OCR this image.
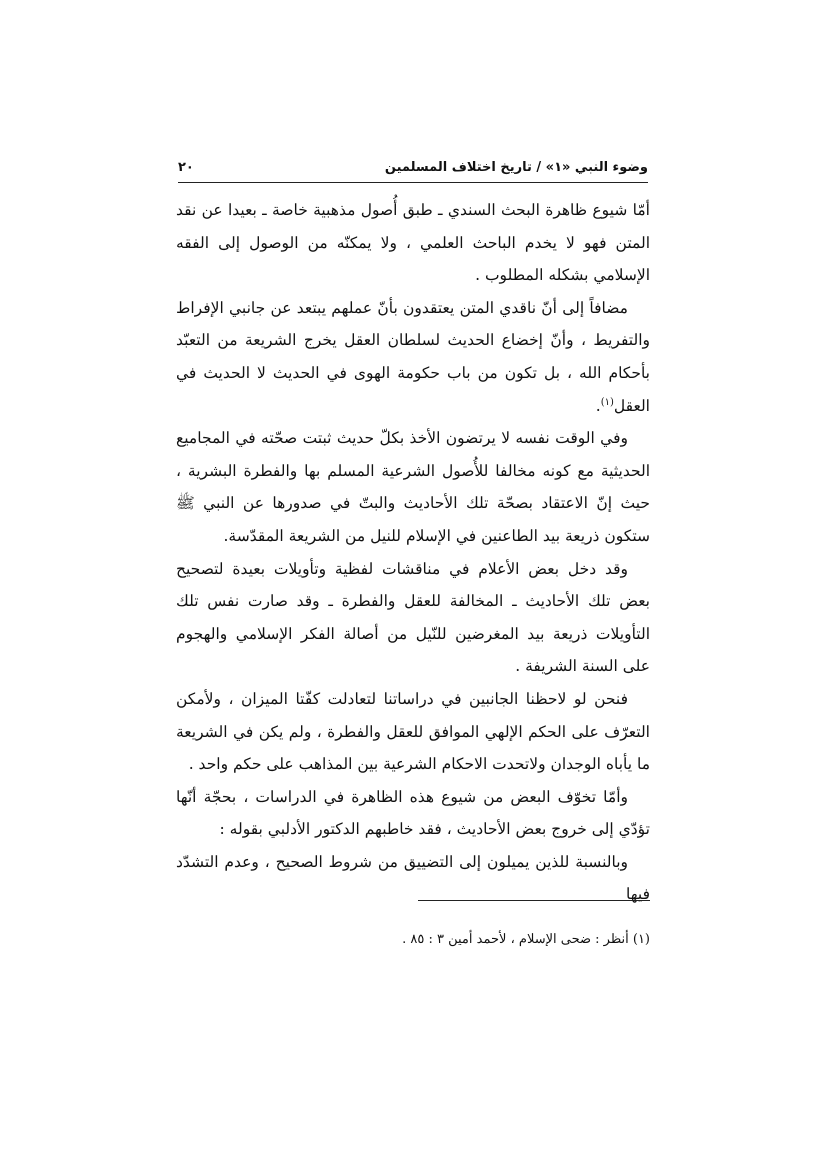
وضوء النبي «١» / تاريخ اختلاف المسلمين
٢٠

أمّا شيوع ظاهرة البحث السندي ـ طبق أُصول مذهبية خاصة ـ بعيدا عن نقد المتن فهو لا يخدم الباحث العلمي ، ولا يمكنّه من الوصول إلى الفقه الإسلامي بشكله المطلوب .

مضافاً إلى أنّ ناقدي المتن يعتقدون بأنّ عملهم يبتعد عن جانبي الإفراط والتفريط ، وأنّ إخضاع الحديث لسلطان العقل يخرج الشريعة من التعبّد بأحكام الله ، بل تكون من باب حكومة الهوى في الحديث لا الحديث في العقل$^{(١)}$.

وفي الوقت نفسه لا يرتضون الأخذ بكلّ حديث ثبتت صحّته في المجاميع الحديثية مع كونه مخالفا للأُصول الشرعية المسلم بها والفطرة البشرية ، حيث إنّ الاعتقاد بصحّة تلك الأحاديث والبتّ في صدورها عن النبي ﷺ ستكون ذريعة بيد الطاعنين في الإسلام للنيل من الشريعة المقدّسة.

وقد دخل بعض الأعلام في مناقشات لفظية وتأويلات بعيدة لتصحيح بعض تلك الأحاديث ـ المخالفة للعقل والفطرة ـ وقد صارت نفس تلك التأويلات ذريعة بيد المغرضين للنّيل من أصالة الفكر الإسلامي والهجوم على السنة الشريفة .

فنحن لو لاحظنا الجانبين في دراساتنا لتعادلت كفّتا الميزان ، ولأمكن التعرّف على الحكم الإلهي الموافق للعقل والفطرة ، ولم يكن في الشريعة ما يأباه الوجدان ولاتحدت الاحكام الشرعية بين المذاهب على حكم واحد .

وأمّا تخوّف البعض من شيوع هذه الظاهرة في الدراسات ، بحجّة أنّها تؤدّي إلى خروج بعض الأحاديث ، فقد خاطبهم الدكتور الأدلبي بقوله :

وبالنسبة للذين يميلون إلى التضييق من شروط الصحيح ، وعدم التشدّد فيها

(١) أنظر : ضحى الإسلام ، لأحمد أمين ٣ : ٨٥ .
